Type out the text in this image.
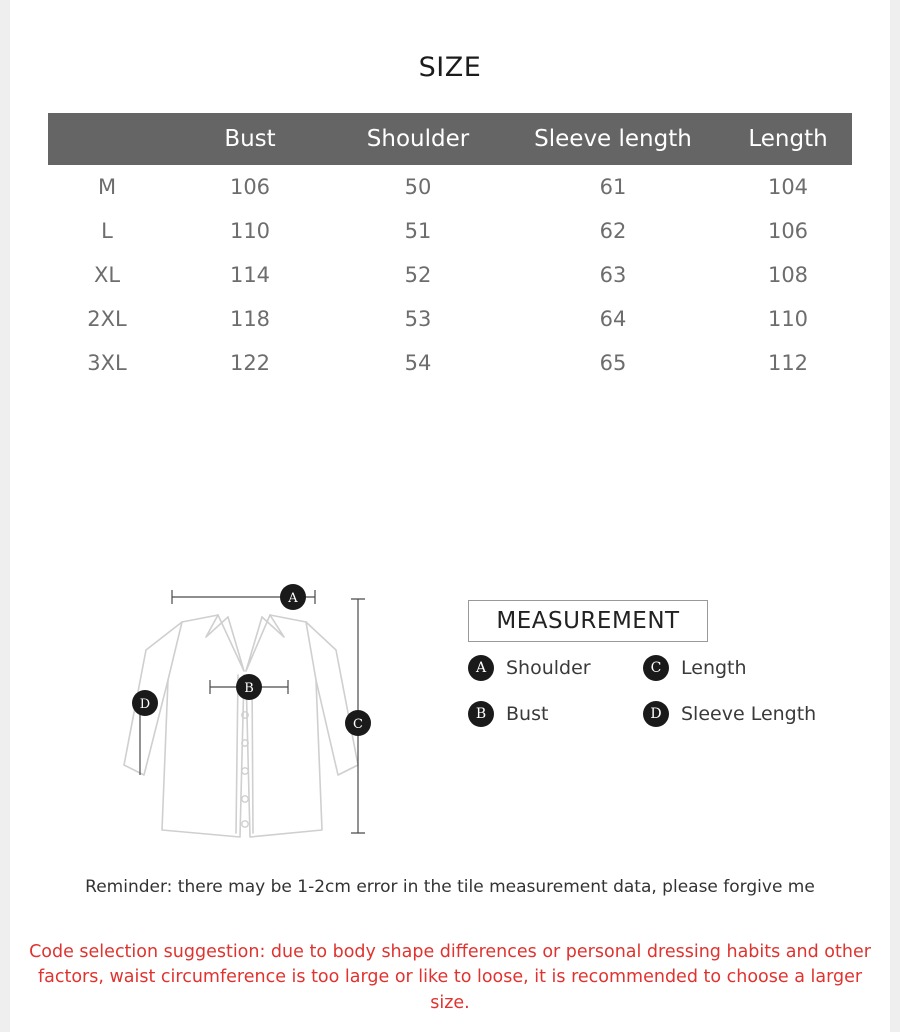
SIZE
	Bust	Shoulder	Sleeve length	Length
M	106	50	61	104
L	110	51	62	106
XL	114	52	63	108
2XL	118	53	64	110
3XL	122	54	65	112
A
B
C
D

MEASUREMENT
A	Shoulder	C	Length
B	Bust	D	Sleeve Length
Reminder: there may be 1-2cm error in the tile measurement data, please forgive me
Code selection suggestion: due to body shape differences or personal dressing habits and other factors, waist circumference is too large or like to loose, it is recommended to choose a larger size.
